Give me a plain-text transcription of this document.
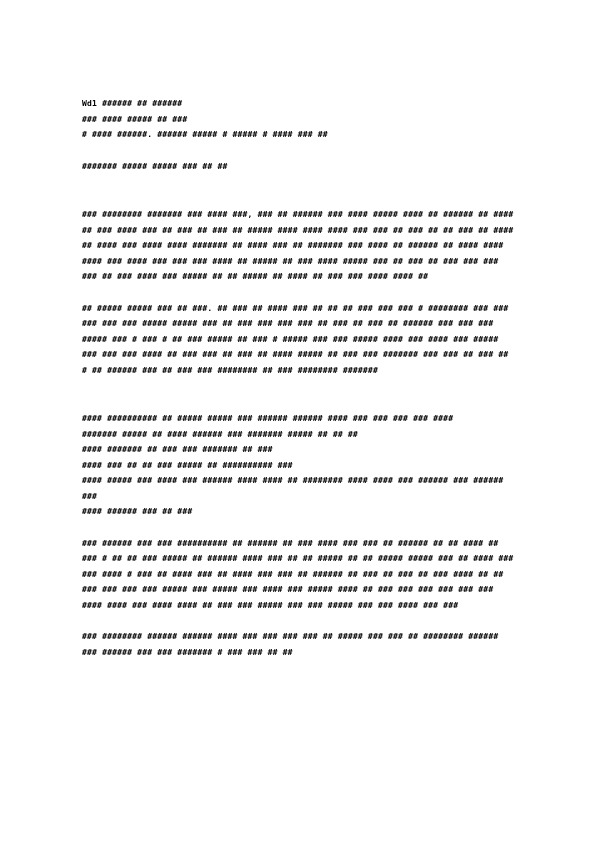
Wd1 ###### ## ######

### #### ##### ## ###

# #### ######. ###### ##### # ##### # #### ### ##

####### ##### ##### ### ## ##

### ######## ####### ### #### ###, ### ## ###### ### #### ##### #### ## ###### ## #### ## ### #### ### ## ### ## ### ## ##### #### #### #### ### ### ## ### ## ## ### ## #### ## #### ### #### #### ####### ## #### ### ## ####### ### #### ## ###### ## #### #### #### ### #### ### ### ### #### ## ##### ## ### #### ##### ### ## ### ## ### ### ### ### ## ### #### ### ##### ## ## ##### ## #### ## ### ### #### #### ##

## ##### ##### ### ## ###. ## ### ## #### ### ## ## ## ### ### ### # ######## ### ### ### ### ### ##### ##### ### ## ### ### ### ### ## ### ## ### ## ###### ### ### ### ##### ### # ### # ## ### ##### ## ### # ##### ### ### ##### #### ### #### ### ##### ### ### ### #### ## ### ### ## ### ## #### ##### ## ### ### ####### ### ### ## ### ## # ## ###### ### ## ### ### ######## ## ### ######## #######

#### ########## ## ##### ##### ### ###### ###### #### ### ### ### ### ####

####### ##### ## #### ###### ### ####### ##### ## ## ##

#### ####### ## ### ### ####### ## ###

#### ### ## ## ### ##### ## ########## ###

#### ##### ### #### ### ###### #### #### ## ######## #### #### ### ###### ### ###### ###

#### ###### ### ## ###

### ###### ### ### ########## ## ###### ## ### #### ### ### ## ###### ## ## #### ## ### # ## ## ### ##### ## ###### #### ### ## ## ##### ## ## ##### ##### ### ## #### ### ### #### # ### ## #### ### ## #### ### ### ## ###### ## ### ## ### ## ### #### ## ## ### ### ### ### ##### ### ##### ### #### ### ##### #### ## ### ### ### ### ### ### #### #### ### #### #### ## ### ### ##### ### ### ##### ### ### #### ### ###

### ######## ###### ###### #### ### ### ### ### ## ##### ### ### ## ######## ###### ### ###### ### ### ####### # ### ### ## ##
